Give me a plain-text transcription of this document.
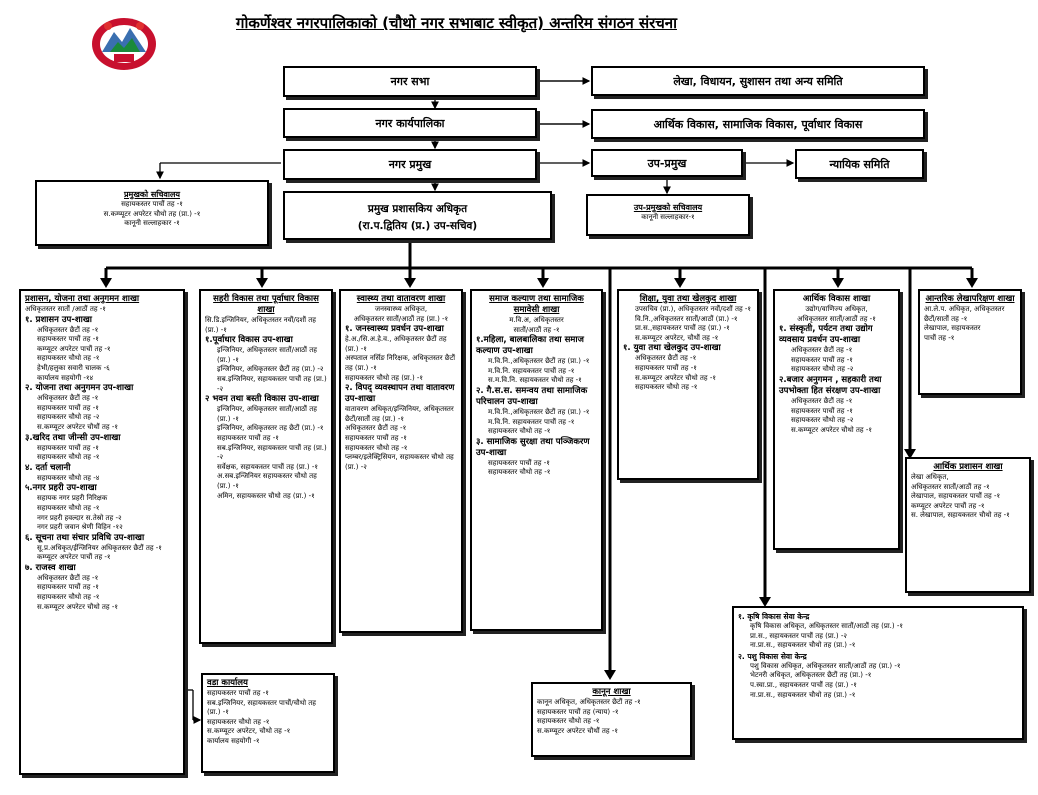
गोकर्णेश्वर नगरपालिकाको (चौथो नगर सभाबाट स्वीकृत) अन्तरिम संगठन संरचना
नगर सभा
नगर कार्यपालिका
नगर प्रमुख
लेखा, विधायन, सुशासन तथा अन्य समिति
आर्थिक विकास, सामाजिक विकास, पूर्वाधार विकास
उप-प्रमुख	न्यायिक समिति
प्रमुखको सचिवालय
सहायकस्तर पाचौं तह -१
स.कम्प्यूटर अपरेटर चौथो तह (प्रा.) -१
कानूनी सल्लाहकार -१
प्रमुख प्रशासकिय अधिकृत
(रा.प.द्वितिय (प्र.) उप-सचिव)
उप-प्रमुखको सचिवालय
कानूनी सल्लाहकार-१
प्रशासन, योजना तथा अनुगमन शाखा
अधिकृतस्तर सातौं /आठौं तह -१
१. प्रशासन उप-शाखा
अधिकृतस्तर छैटौं तह -१
सहायकस्तर पाचौं तह -१
कम्प्यूटर अपरेटर पाचौं तह -१
सहायकस्तर चौथो तह -१
हेभी/हलुका सवारी चालक -६
कार्यालय सहयोगी -१४
२. योजना तथा अनुगमन उप-शाखा
अधिकृतस्तर छैटौं तह -१
सहायकस्तर पाचौं तह -१
सहायकस्तर चौथो तह -२
स.कम्प्यूटर अपरेटर चौथौं तह -१
३.खरिद तथा जीन्सी उप-शाखा
सहायकस्तर पाचौं तह -१
सहायकस्तर चौथो तह -१
४. दर्ता चलानी
सहायकस्तर चौथो तह -४
५.नगर प्रहरी उप-शाखा
सहायक नगर प्रहरी निरिक्षक
सहायकस्तर चौथो तह -१
नगर प्रहरी हवल्दार स.तेस्रो तह -२
नगर प्रहरी जवान श्रेणी विहिन -१२
६. सूचना तथा संचार प्रविधि उप-शाखा
सू.प्र.अधिकृत/ईन्जिनियर अधिकृतस्तर छैटौं तह -१
कम्प्यूटर अपरेटर पाचौं तह -१
७. राजस्व शाखा
अधिकृतस्तर छैटौं तह -१
सहायकस्तर पाचौं तह -१
सहायकस्तर चौथो तह -१
स.कम्प्यूटर अपरेटर चौथो तह -१
सहरी विकास तथा पूर्वाधार विकास शाखा
सि.डि.इन्जिनियर, अधिकृतस्तर नवौं/दशौं तह (प्रा.) -१
१.पूर्वाधार विकास उप-शाखा
इन्जिनियर, अधिकृतस्तर सातौं/आठौं तह (प्रा.) -१
इन्जिनियर, अधिकृतस्तर छैटौं तह (प्रा.) -२
सब.इन्जिनियर, सहायकस्तर पाचौं तह (प्रा.) -२
२ भवन तथा बस्ती विकास उप-शाखा
इन्जिनियर, अधिकृतस्तर सातौं/आठौं तह (प्रा.) -१
इन्जिनियर, अधिकृतस्तर तह छैटौं (प्रा.) -१
सहायकस्तर पाचौं तह -१
सब.इन्जिनियर, सहायकस्तर पाचौं तह (प्रा.) -२
सर्वेक्षक, सहायकस्तर पाचौं तह (प्रा.) -१
अ.सब.इन्जिनियर सहायकस्तर चौथो तह (प्रा.) -१
अमिन, सहायकस्तर चौथो तह (प्रा.) -१
स्वास्थ्य तथा वातावरण शाखा
जनस्वास्थ्य अधिकृत,
अधिकृतस्तर सातौं/आठौं तह (प्रा.) -१
१. जनस्वास्थ्य प्रवर्धन उप-शाखा
हे.अ./सि.अ.हे.व., अधिकृतस्तर छैटौं तह (प्रा.) -१
अस्पताल नर्सिङ निरिक्षक, अधिकृतस्तर छैटौं तह (प्रा.) -१
सहायकस्तर चौथो तह (प्रा.) -१
२. विपद् व्यवस्थापन तथा वातावरण उप-शाखा
वातावरण अधिकृत/इन्जिनियर, अधिकृतस्तर छैटौं/सातौं तह (प्रा.) -१
अधिकृतस्तर छैटौं तह -१
सहायकस्तर पाचौं तह -१
सहायकस्तर चौथो तह -१
प्लम्बर/इलेक्ट्रिसियन, सहायकस्तर चौथो तह (प्रा.) -२
समाज कल्याण तथा सामाजिक समावेसी शाखा
म.वि.अ, अधिकृतस्तर
सातौं/आठौं तह -१
१.महिला, बालबालिका तथा समाज कल्याण उप-शाखा
म.वि.नि.,अधिकृतस्तर छैटौं तह (प्रा.) -१
म.वि.नि. सहायकस्तर पाचौं तह -१
स.म.वि.नि. सहायकस्तर चौथो तह -१
२. गै.स.स. समन्वय तथा सामाजिक परिचालन उप-शाखा
म.वि.नि.,अधिकृतस्तर छैटौं तह (प्रा.) -१
म.वि.नि. सहायकस्तर पाचौं तह -१
सहायकस्तर चौथो तह -१
३. सामाजिक सुरक्षा तथा पञ्जिकरण उप-शाखा
सहायकस्तर पाचौं तह -१
सहायकस्तर चौथो तह -१
शिक्षा, युवा तथा खेलकुद शाखा
उपसचिव (प्रा.), अधिकृतस्तर नवौं/दशौं तह -१
वि.नि.,अधिकृतस्तर सातौं/आठौं (प्रा.) -१
प्रा.स.,सहायकस्तर पाचौं तह (प्रा.) -१
स.कम्प्यूटर अपरेटर, चौथौं तह -१
१. युवा तथा खेलकुद उप-शाखा
अधिकृतस्तर छैटौं तह -१
सहायकस्तर पाचौं तह -१
स.कम्प्यूटर अपरेटर चौथो तह -१
सहायकस्तर चौथो तह -१
आर्थिक विकास शाखा
उद्योग/वाणिज्य अधिकृत,
अधिकृतस्तर सातौं/आठौं तह -१
१. संस्कृती, पर्यटन तथा उद्योग व्यवसाय प्रवर्धन उप-शाखा
अधिकृतस्तर छैटौं तह -१
सहायकस्तर पाचौं तह -१
सहायकस्तर चौथो तह -२
२.बजार अनुगमन , सहकारी तथा उपभोक्ता हित संरक्षण उप-शाखा
अधिकृतस्तर छैटौं तह -१
सहायकस्तर पाचौं तह -१
सहायकस्तर चौथो तह -२
स.कम्प्यूटर अपरेटर चौथो तह -१
आन्तरिक लेखापरिक्षण शाखा
आ.ले.प. अधिकृत, अधिकृतस्तर
छैटौं/सातौं तह -१
लेखापाल, सहायकस्तर
पाचौं तह -१
आर्थिक प्रशासन शाखा
लेखा अधिकृत,
अधिकृतस्तर सातौं/आठौं तह -१
लेखापाल, सहायकस्तर पाचौं तह -१
कम्प्यूटर अपरेटर पाचौं तह -१
स. लेखापाल, सहायकस्तर चौथो तह -१
१. कृषि विकास सेवा केन्द्र
कृषि विकास अधिकृत, अधिकृतस्तर सातौं/आठौं तह (प्रा.) -१
प्रा.स., सहायकस्तर पाचौं तह (प्रा.) -२
ना.प्रा.स., सहायकस्तर चौथो तह (प्रा.) -१
२. पशु विकास सेवा केन्द्र
पशु विकास अधिकृत, अधिकृतस्तर सातौं/आठौं तह (प्रा.) -१
भेटनरी अधिकृत, अधिकृतस्तर छैटौं तह (प्रा.) -१
प.स्वा.प्रा., सहायकस्तर पाचौं तह (प्रा.) -१
ना.प्रा.स., सहायकस्तर चौथो तह (प्रा.) -१
वडा कार्यालय
सहायकस्तर पाचौं तह -१
सब.इन्जिनियर, सहायकस्तर पाचौं/चौथो तह (प्रा.) -१
सहायकस्तर चौथो तह -१
स.कम्प्यूटर अपरेटर, चौथो तह -१
कार्यालय सहयोगी -१
कानून शाखा
कानून अधिकृत, अधिकृतस्तर छैटौं तह -१
सहायकस्तर पाचौं तह (न्याय) -१
सहायकस्तर चौथो तह -१
स.कम्प्यूटर अपरेटर चौथौं तह -१
